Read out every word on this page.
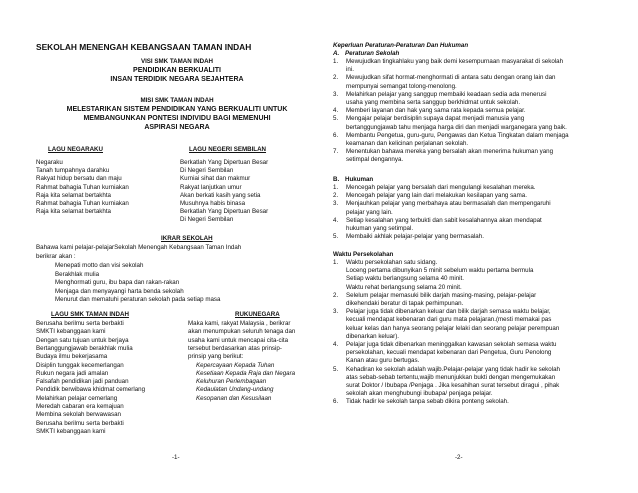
SEKOLAH MENENGAH KEBANGSAAN TAMAN INDAH
VISI SMK TAMAN INDAH
PENDIDIKAN BERKUALITI
INSAN TERDIDIK NEGARA SEJAHTERA
MISI SMK TAMAN INDAH
MELESTARIKAN SISTEM PENDIDIKAN YANG BERKUALITI UNTUK
MEMBANGUNKAN PONTESI INDIVIDU BAGI MEMENUHI
ASPIRASI NEGARA
LAGU NEGARAKU	LAGU NEGERI SEMBILAN
Negaraku
Tanah tumpahnya darahku
Rakyat hidup bersatu dan maju
Rahmat bahagia Tuhan kurniakan
Raja kita selamat bertakhta
Rahmat bahagia Tuhan kurniakan
Raja kita selamat bertakhta
Berkatlah Yang Dipertuan Besar
Di Negeri Sembilan
Kurniai sihat dan makmur
Rakyat lanjutkan umur
Akan berkati kasih yang setia
Musuhnya habis binasa
Berkatlah Yang Dipertuan Besar
Di Negeri Sembilan
IKRAR SEKOLAH
Bahawa kami pelajar-pelajarSekolah Menengah Kebangsaan Taman Indah
berikrar akan :
Menepati motto dan visi sekolah
Berakhlak mulia
Menghormati guru, ibu bapa dan rakan-rakan
Menjaga dan menyayangi harta benda sekolah
Menurut dan mematuhi peraturan sekolah pada setiap masa
LAGU SMK TAMAN INDAH	RUKUNEGARA
Berusaha berilmu serta berbakti
SMKTI kebanggaan kami
Dengan satu tujuan untuk berjaya
Bertanggungjawab berakhlak mulia
Budaya ilmu bekerjasama
Disiplin tunggak kecemerlangan
Rukun negara jadi amalan
Falsafah pendidikan jadi panduan
Pendidik berwibawa khidmat cemerlang
Melahirkan pelajar cemerlang
Meredah cabaran era kemajuan
Membina sekolah berwawasan
Berusaha berilmu serta berbakti
SMKTI kebanggaan kami
Maka kami, rakyat Malaysia , berikrar
akan menumpukan seluruh tenaga dan
usaha kami untuk mencapai cita-cita
tersebut berdasarkan atas prinsip-
prinsip yang berikut:
Kepercayaan Kepada Tuhan
Kesetiaan Kepada Raja dan Negara
Keluhuran Perlembagaan
Kedaulatan Undang-undang
Kesopanan dan Kesusilaan
-1-
Keperluan Peraturan-Peraturan Dan Hukuman
A. Peraturan Sekolah
1. Mewujudkan tingkahlaku yang baik demi kesempurnaan masyarakat di sekolah
ini.
2. Mewujudkan sifat hormat-menghormati di antara satu dengan orang lain dan
rnempunyai semangat tolong-menolong.
3. Melahirkan pelajar yang sanggup membaiki keadaan sedia ada menerusi
usaha yang membina serta sanggup berkhidmat untuk sekolah.
4. Memberi layanan dan hak yang sama rata kepada semua pelajar.
5. Mengajar pelajar berdisiplin supaya dapat menjadi manusia yang
bertanggungjawab tahu menjaga harga diri dan menjadi warganegara yang baik.
6. Membantu Pengetua, guru-guru, Pengawas dan Ketua Tingkatan dalam menjaga
keamanan dan kelicinan perjalanan sekolah.
7. Menentukan bahawa mereka yang bersalah akan menerima hukuman yang
setimpal dengannya.
B. Hukuman
1. Mencegah pelajar yang bersalah dari mengulangi kesalahan mereka.
2. Mencegah pelajar yang lain dari melakukan kesilapan yang sama.
3. Menjauhkan pelajar yang merbahaya atau bermasalah dan mempengaruhi
pelajar yang lain.
4. Setiap kesalahan yang terbukti dan sabit kesalahannya akan mendapat
hukuman yang setimpal.
5. Membaiki akhlak pelajar-pelajar yang bermasalah.
Waktu Persekolahan
1. Waktu persekolahan satu sidang.
Loceng pertama dibunyikan 5 minit sebelum waktu pertama bermula
Setiap waktu berlangsung selama 40 minit.
Waktu rehat berlangsung selama 20 minit.
2. Selelum pelajar memasuki bilik darjah masing-masing, pelajar-pelajar
dikehendaki beratur di tapak perhimpunan.
3. Pelajar juga tidak dibenarkan keluar dan bilik darjah semasa waktu belajar,
kecuali mendapat kebenaran dari guru mata pelajaran.(mesti memakai pas
keluar kelas dan hanya seorang pelajar lelaki dan seorang pelajar perempuan
dibenarkan keluar).
4. Pelajar juga tidak dibenarkan meninggalkan kawasan sekolah semasa waktu
persekolahan, kecuali mendapat kebenaran dari Pengetua, Guru Penolong
Kanan atau guru bertugas.
5. Kehadiran ke sekolah adalah wajib.Pelajar-pelajar yang tidak hadir ke sekolah
atas sebab-sebab tertentu,wajib menunjukkan bukti dengan mengemukakan
surat Doktor / Ibubapa /Penjaga . Jika kesahihan surat tersebut diragui , pihak
sekolah akan menghubungi ibubapa/ penjaga pelajar.
6. Tidak hadir ke sekolah tanpa sebab dikira ponteng sekolah.
-2-
